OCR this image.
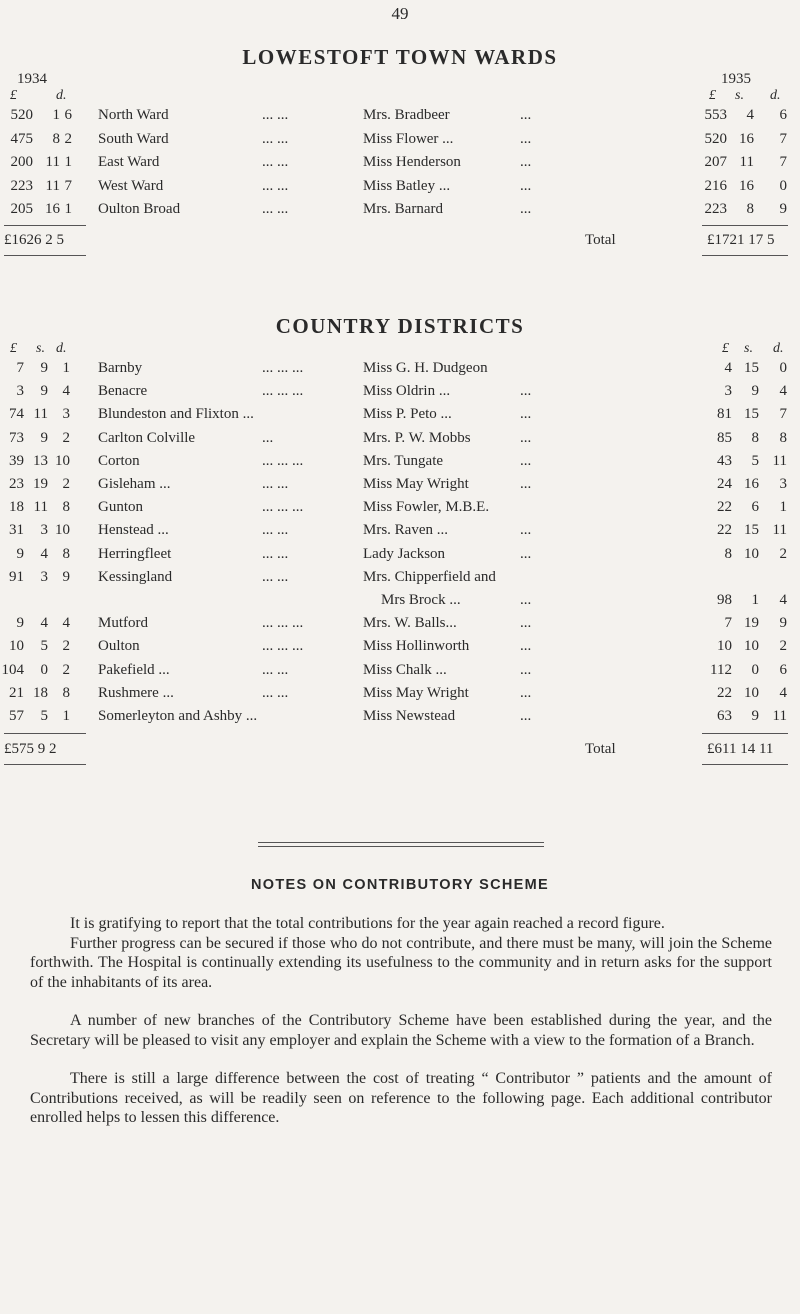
49
LOWESTOFT TOWN WARDS
1934	1935
£	d.	£ s. d.
520	1 6 North Ward	... ...	Mrs. Bradbeer	...	553	4	6
475	8 2 South Ward	... ...	Miss Flower ...	...	520 16	7
200 11 1 East Ward	... ...	Miss Henderson	...	207 11	7
223 11 7 West Ward	... ...	Miss Batley ...	...	216 16	0
205 16 1 Oulton Broad	... ...	Mrs. Barnard	...	223	8	9
£1626 2 5	Total	£1721 17 5
COUNTRY DISTRICTS
£ s. d.	£ s. d.
7	9 1 Barnby	... ... ...	Miss G. H. Dudgeon	4 15	0
3	9 4 Benacre	... ... ...	Miss Oldrin ...	...	3	9	4
74 11 3 Blundeston and Flixton ...	Miss P. Peto ...	...	81 15	7
73	9 2 Carlton Colville	...	Mrs. P. W. Mobbs	...	85	8	8
39 13 10 Corton	... ... ...	Mrs. Tungate	...	43	5 11
23 19 2 Gisleham ...	... ...	Miss May Wright	...	24 16	3
18 11 8 Gunton	... ... ...	Miss Fowler, M.B.E.	22	6	1
31	3 10 Henstead ...	... ...	Mrs. Raven ...	...	22 15 11
9	4 8 Herringfleet	... ...	Lady Jackson	...	8 10	2
91	3 9 Kessingland	... ...	Mrs. Chipperfield and
Mrs Brock ...	...	98	1	4
9	4 4 Mutford	... ... ...	Mrs. W. Balls...	...	7 19	9
10	5 2 Oulton	... ... ...	Miss Hollinworth	...	10 10	2
104	0 2 Pakefield ...	... ...	Miss Chalk ...	...	112	0	6
21 18 8 Rushmere ...	... ...	Miss May Wright	...	22 10	4
57	5 1 Somerleyton and Ashby ...	Miss Newstead	...	63	9 11
£575 9 2	Total	£611 14 11
NOTES ON CONTRIBUTORY SCHEME

It is gratifying to report that the total contributions for the year again reached a record figure.

Further progress can be secured if those who do not contribute, and there must be many, will join the Scheme forthwith. The Hospital is continually extending its usefulness to the community and in return asks for the support of the inhabitants of its area.

A number of new branches of the Contributory Scheme have been established during the year, and the Secretary will be pleased to visit any employer and explain the Scheme with a view to the formation of a Branch.

There is still a large difference between the cost of treating “ Contributor ” patients and the amount of Contributions received, as will be readily seen on reference to the following page. Each additional contributor enrolled helps to lessen this difference.
